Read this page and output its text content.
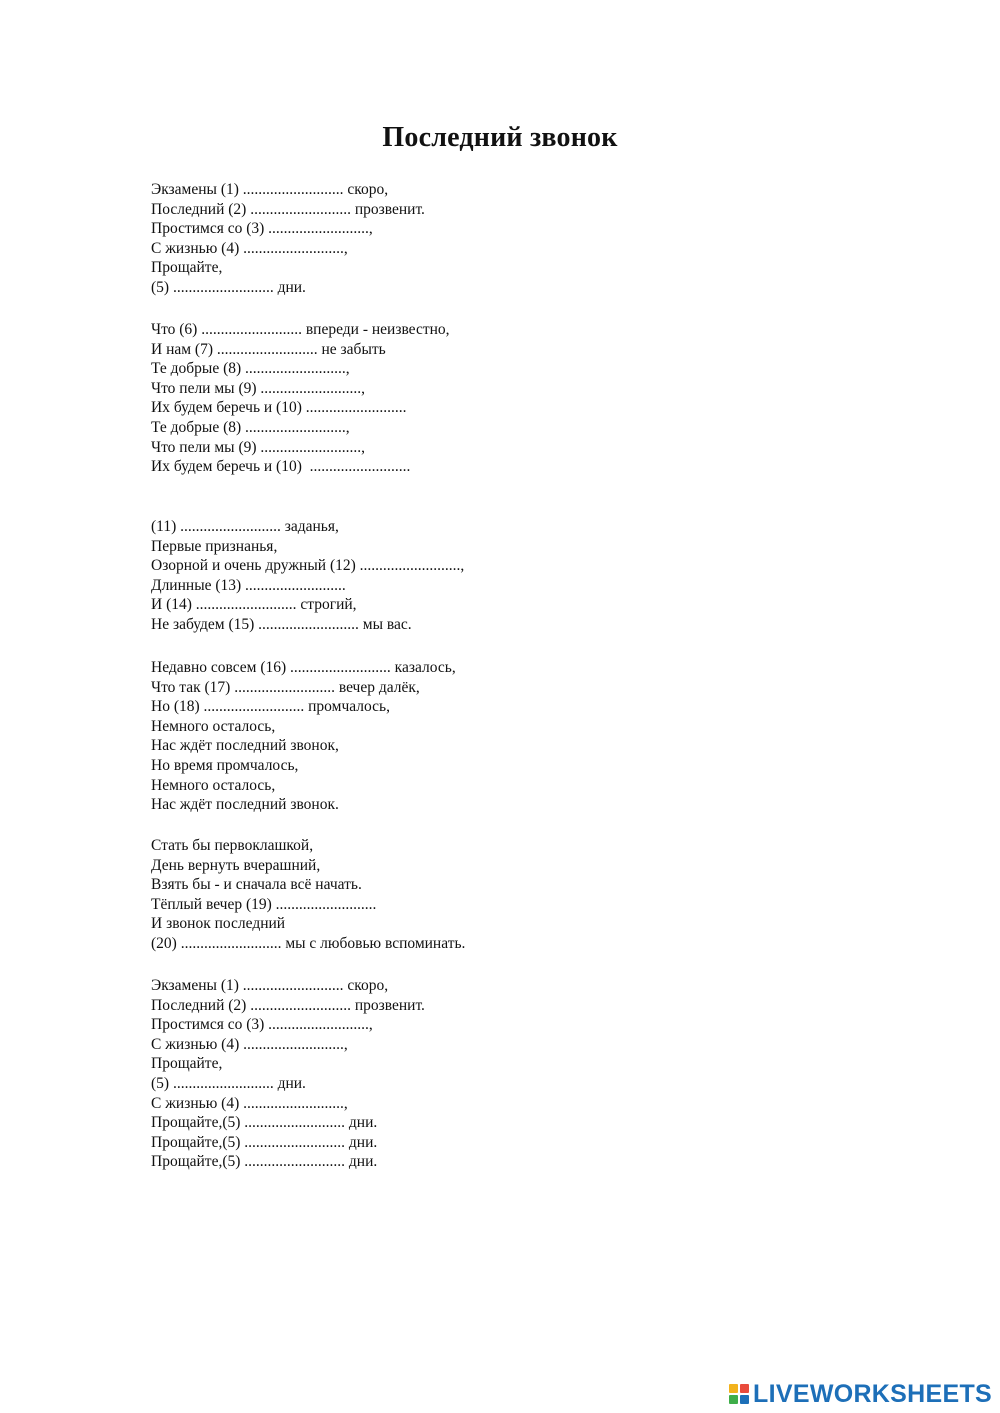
Последний звонок
Экзамены (1) .......................... скоро,
Последний (2) .......................... прозвенит.
Простимся со (3) ..........................,
С жизнью (4) ..........................,
Прощайте,
(5) .......................... дни.
Что (6) .......................... впереди - неизвестно,
И нам (7) .......................... не забыть
Те добрые (8) ..........................,
Что пели мы (9) ..........................,
Их будем беречь и (10) ..........................
Те добрые (8) ..........................,
Что пели мы (9) ..........................,
Их будем беречь и (10)  ..........................
(11) .......................... заданья,
Первые признанья,
Озорной и очень дружный (12) ..........................,
Длинные (13) ..........................
И (14) .......................... строгий,
Не забудем (15) .......................... мы вас.
Недавно совсем (16) .......................... казалось,
Что так (17) .......................... вечер далёк,
Но (18) .......................... промчалось,
Немного осталось,
Нас ждёт последний звонок,
Но время промчалось,
Немного осталось,
Нас ждёт последний звонок.
Стать бы первоклашкой,
День вернуть вчерашний,
Взять бы - и сначала всё начать.
Тёплый вечер (19) ..........................
И звонок последний
(20) .......................... мы с любовью вспоминать.
Экзамены (1) .......................... скоро,
Последний (2) .......................... прозвенит.
Простимся со (3) ..........................,
С жизнью (4) ..........................,
Прощайте,
(5) .......................... дни.
С жизнью (4) ..........................,
Прощайте,(5) .......................... дни.
Прощайте,(5) .......................... дни.
Прощайте,(5) .......................... дни.
LIVEWORKSHEETS
